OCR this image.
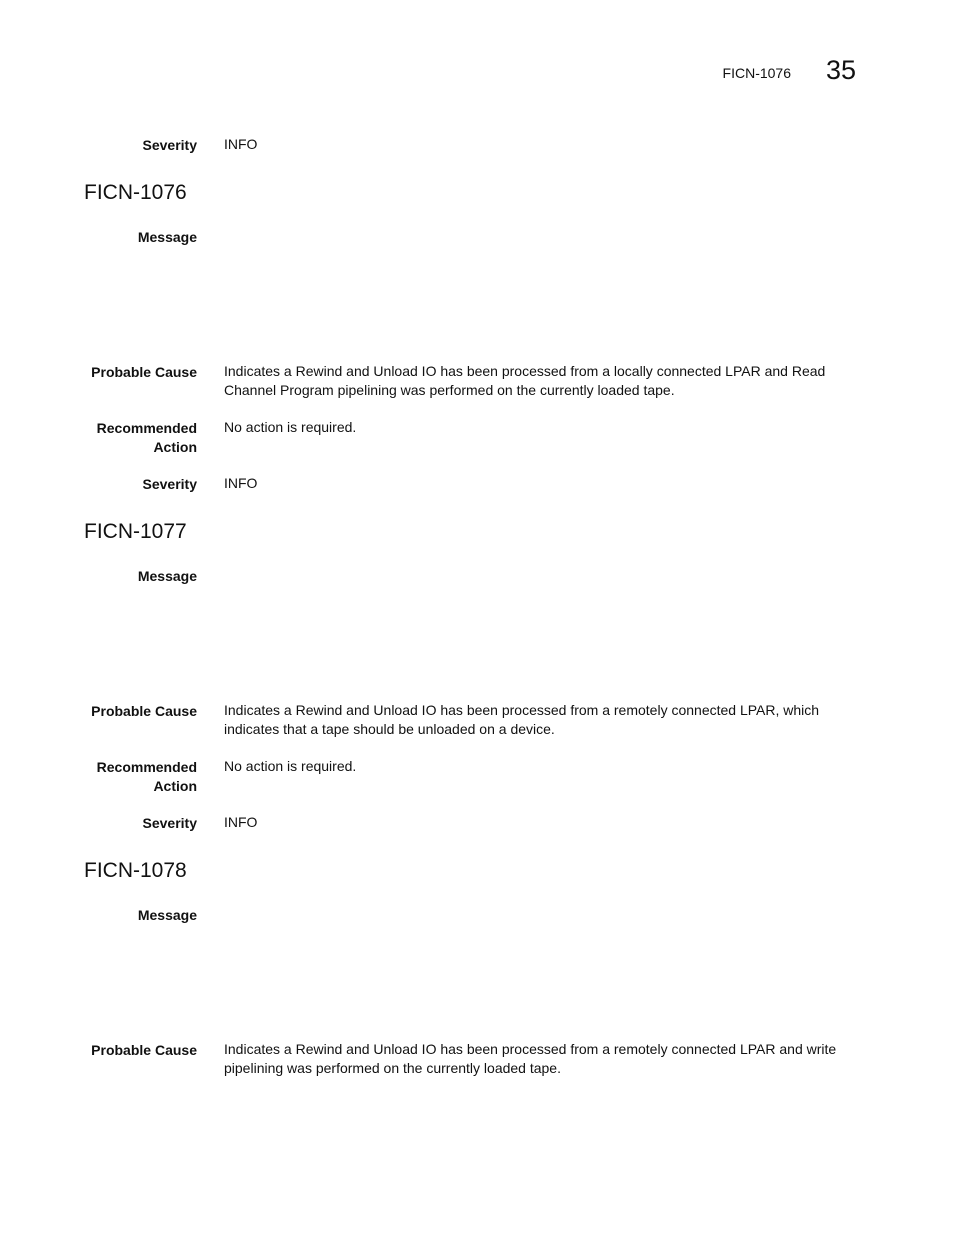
FICN-1076 35
Severity INFO
FICN-1076
Message
Probable Cause Indicates a Rewind and Unload IO has been processed from a locally connected LPAR and Read
Channel Program pipelining was performed on the currently loaded tape.
Recommended
Action
No action is required.
Severity INFO
FICN-1077
Message
Probable Cause Indicates a Rewind and Unload IO has been processed from a remotely connected LPAR, which
indicates that a tape should be unloaded on a device.
Recommended
Action
No action is required.
Severity INFO
FICN-1078
Message
Probable Cause Indicates a Rewind and Unload IO has been processed from a remotely connected LPAR and write
pipelining was performed on the currently loaded tape.
